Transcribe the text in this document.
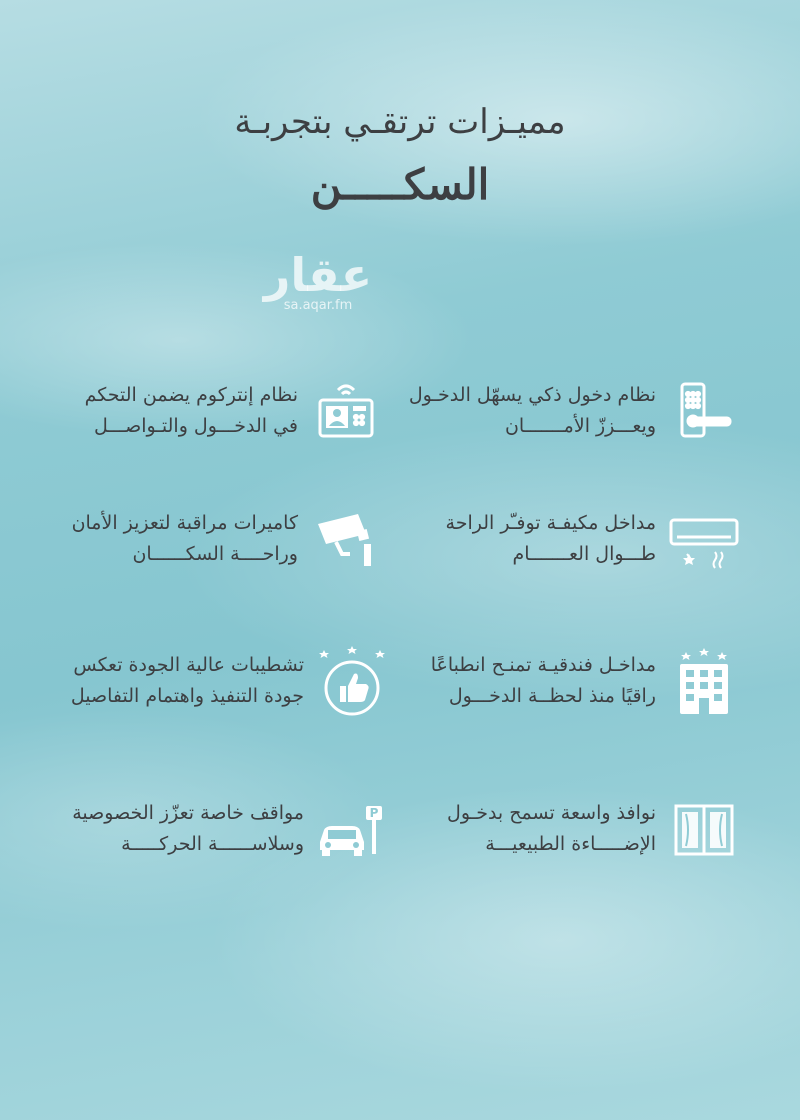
مميـزات ترتقـي بتجربـة
السكـــــن
عقار
sa.aqar.fm
نظام دخول ذكي يسهّل الدخـول
ويعـــززّ الأمـــــــان
نظام إنتركوم يضمن التحكم
في الدخـــول والتـواصـــل
مداخل مكيفـة توفـّر الراحة
طـــوال العـــــــام
كاميرات مراقبة لتعزيز الأمان
وراحــــة السكــــــان
مداخـل فندقيـة تمنـح انطباعًا
راقيًا منذ لحظــة الدخـــول
تشطيبات عالية الجودة تعكس
جودة التنفيذ واهتمام التفاصيل
نوافذ واسعة تسمح بدخـول
الإضـــــاءة الطبيعيـــة
P
مواقف خاصة تعزّز الخصوصية
وسلاســــــة الحركـــــة
